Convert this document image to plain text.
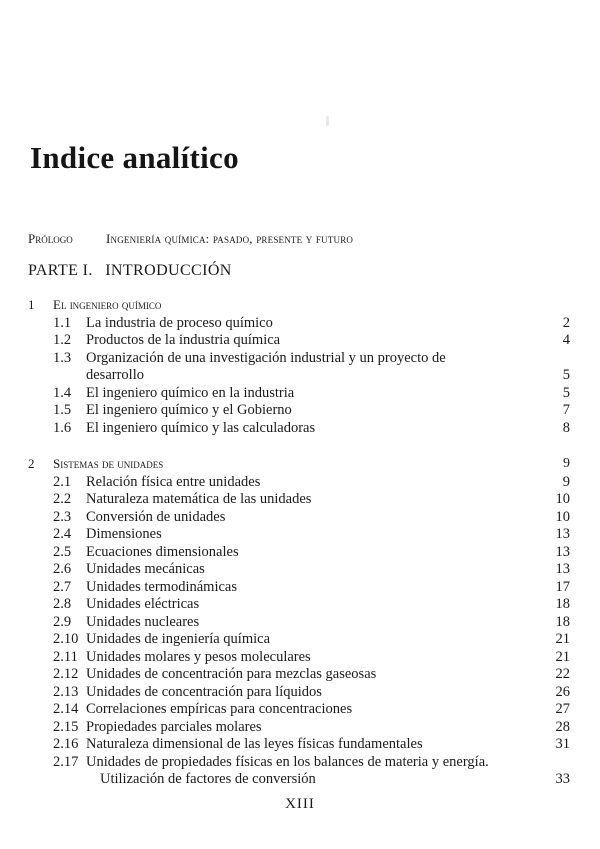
Indice analítico
Prólogo	Ingeniería química: pasado, presente y futuro
PARTE I. INTRODUCCIÓN
1 El ingeniero químico
1.1 La industria de proceso químico	2
1.2 Productos de la industria química	4
1.3 Organización de una investigación industrial y un proyecto de
desarrollo	5
1.4 El ingeniero químico en la industria	5
1.5 El ingeniero químico y el Gobierno	7
1.6 El ingeniero químico y las calculadoras	8
2 Sistemas de unidades	9
2.1 Relación física entre unidades	9
2.2 Naturaleza matemática de las unidades	10
2.3 Conversión de unidades	10
2.4 Dimensiones	13
2.5 Ecuaciones dimensionales	13
2.6 Unidades mecánicas	13
2.7 Unidades termodinámicas	17
2.8 Unidades eléctricas	18
2.9 Unidades nucleares	18
2.10 Unidades de ingeniería química	21
2.11 Unidades molares y pesos moleculares	21
2.12 Unidades de concentración para mezclas gaseosas	22
2.13 Unidades de concentración para líquidos	26
2.14 Correlaciones empíricas para concentraciones	27
2.15 Propiedades parciales molares	28
2.16 Naturaleza dimensional de las leyes físicas fundamentales	31
2.17 Unidades de propiedades físicas en los balances de materia y energía.
Utilización de factores de conversión	33
XIII
